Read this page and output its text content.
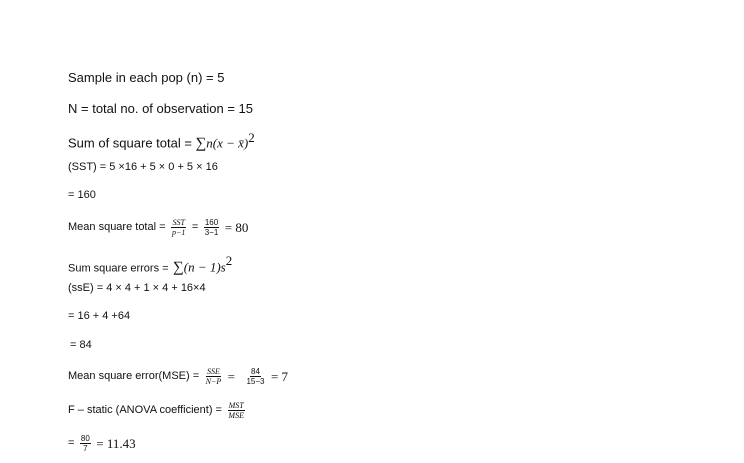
Sample in each pop (n) = 5
N = total no. of observation = 15
Sum of square total = ∑n(x − x̄)$^2$
(SST) = 5 ×16 + 5 × 0 + 5 × 16
= 160
Mean square total = $\frac{\text{SST}}{p-1} = \frac{160}{3-1} = 80$
Sum square errors = $\sum(n - 1)s^2$
(ssE) = 4 × 4 + 1 × 4 + 16×4
= 16 + 4 +64
= 84
Mean square error(MSE) = $\frac{\text{SSE}}{N-P} = \frac{84}{15-3} = 7$
F – static (ANOVA coefficient) = $\frac{\text{MST}}{\text{MSE}}$
= $\frac{80}{7} = 11.43$
